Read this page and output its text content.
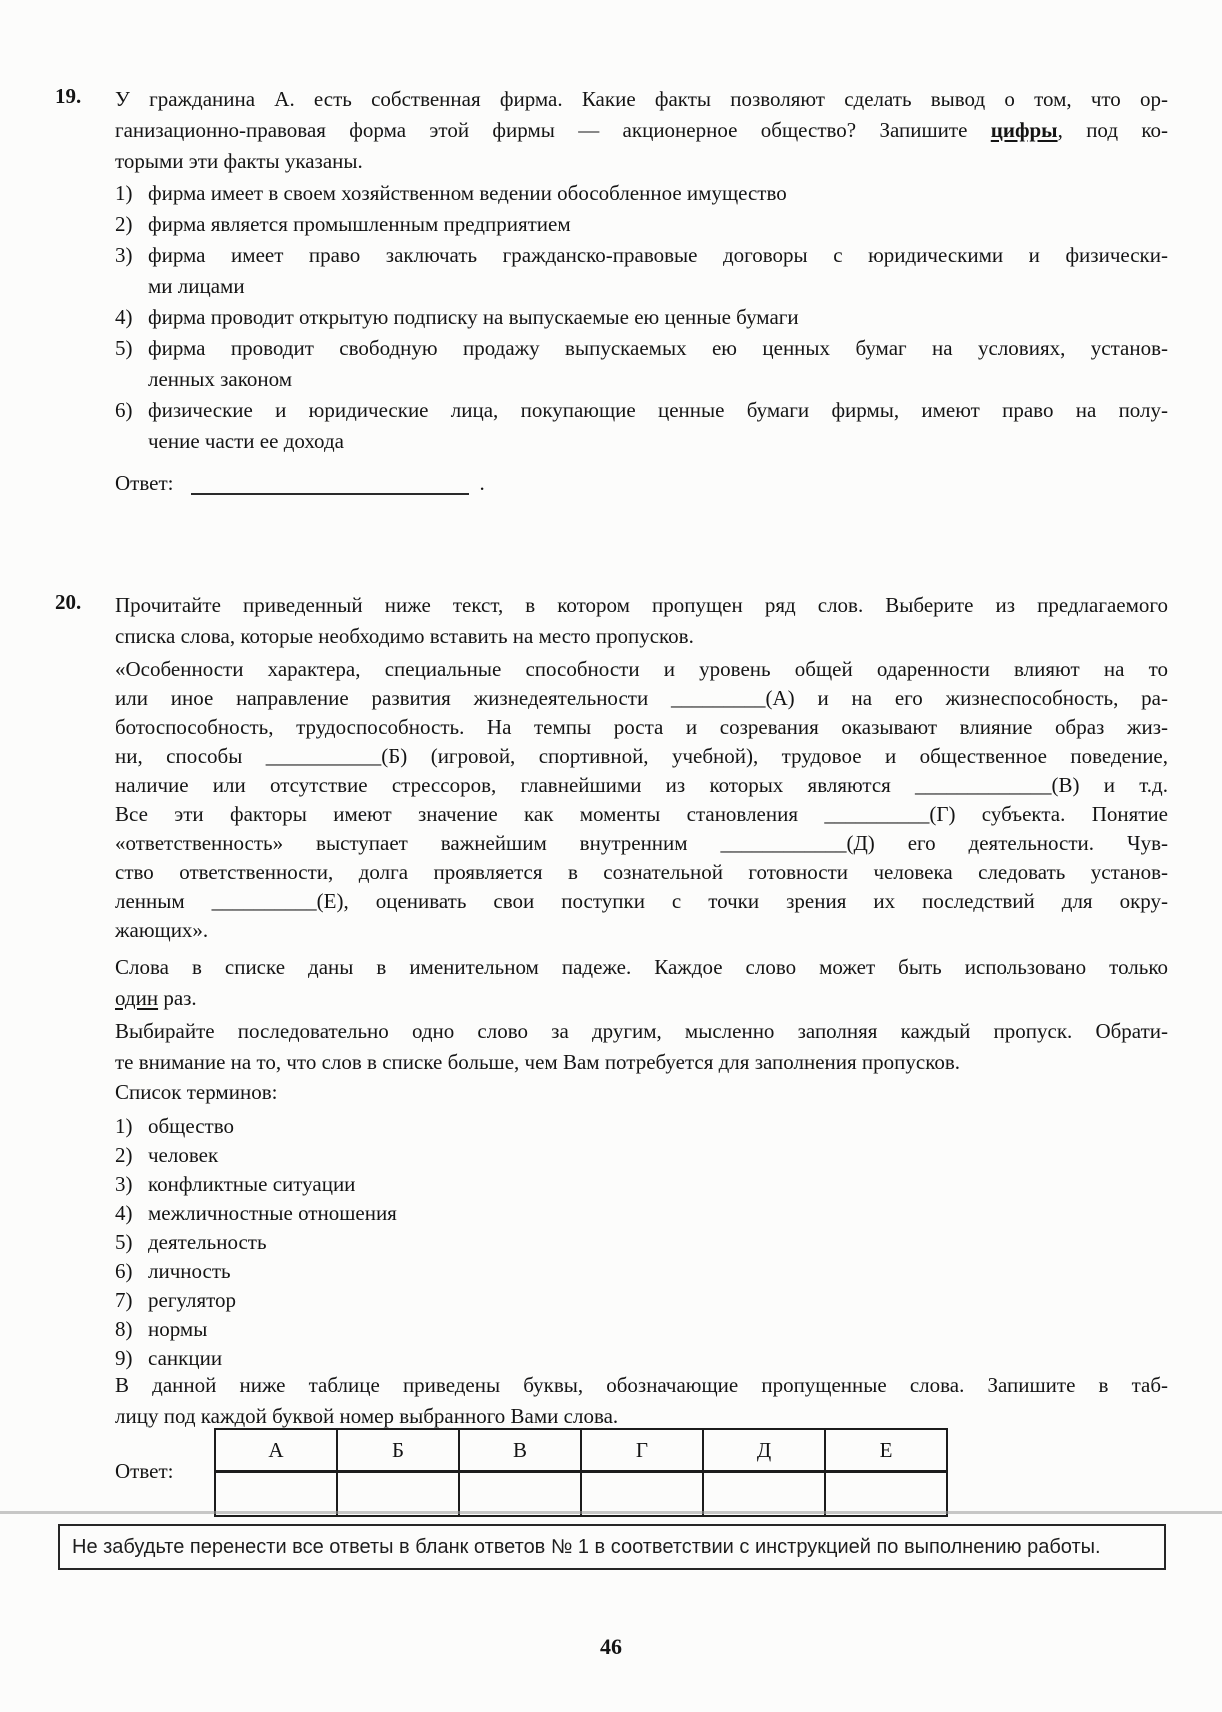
19.	У гражданина А. есть собственная фирма. Какие факты позволяют сделать вывод о том, что ор-
ганизационно-правовая форма этой фирмы — акционерное общество? Запишите цифры, под ко-
торыми эти факты указаны.
1) фирма имеет в своем хозяйственном ведении обособленное имущество
2) фирма является промышленным предприятием
3) фирма имеет право заключать гражданско-правовые договоры с юридическими и физически-
ми лицами
4) фирма проводит открытую подписку на выпускаемые ею ценные бумаги
5) фирма проводит свободную продажу выпускаемых ею ценных бумаг на условиях, установ-
ленных законом
6) физические и юридические лица, покупающие ценные бумаги фирмы, имеют право на полу-
чение части ее дохода
Ответ:	.
20.	Прочитайте приведенный ниже текст, в котором пропущен ряд слов. Выберите из предлагаемого
списка слова, которые необходимо вставить на место пропусков.
«Особенности характера, специальные способности и уровень общей одаренности влияют на то
или иное направление развития жизнедеятельности _________(А) и на его жизнеспособность, ра-
ботоспособность, трудоспособность. На темпы роста и созревания оказывают влияние образ жиз-
ни, способы ___________(Б) (игровой, спортивной, учебной), трудовое и общественное поведение,
наличие или отсутствие стрессоров, главнейшими из которых являются _____________(В) и т.д.
Все эти факторы имеют значение как моменты становления __________(Г) субъекта. Понятие
«ответственность» выступает важнейшим внутренним ____________(Д) его деятельности. Чув-
ство ответственности, долга проявляется в сознательной готовности человека следовать установ-
ленным __________(Е), оценивать свои поступки с точки зрения их последствий для окру-
жающих».
Слова в списке даны в именительном падеже. Каждое слово может быть использовано только
один раз.
Выбирайте последовательно одно слово за другим, мысленно заполняя каждый пропуск. Обрати-
те внимание на то, что слов в списке больше, чем Вам потребуется для заполнения пропусков.
Список терминов:
1) общество
2) человек
3) конфликтные ситуации
4) межличностные отношения
5) деятельность
6) личность
7) регулятор
8) нормы
9) санкции
В данной ниже таблице приведены буквы, обозначающие пропущенные слова. Запишите в таб-
лицу под каждой буквой номер выбранного Вами слова.
Ответ:
А	Б	В	Г	Д	Е

Не забудьте перенести все ответы в бланк ответов № 1 в соответствии с инструкцией по выполнению работы.
46
